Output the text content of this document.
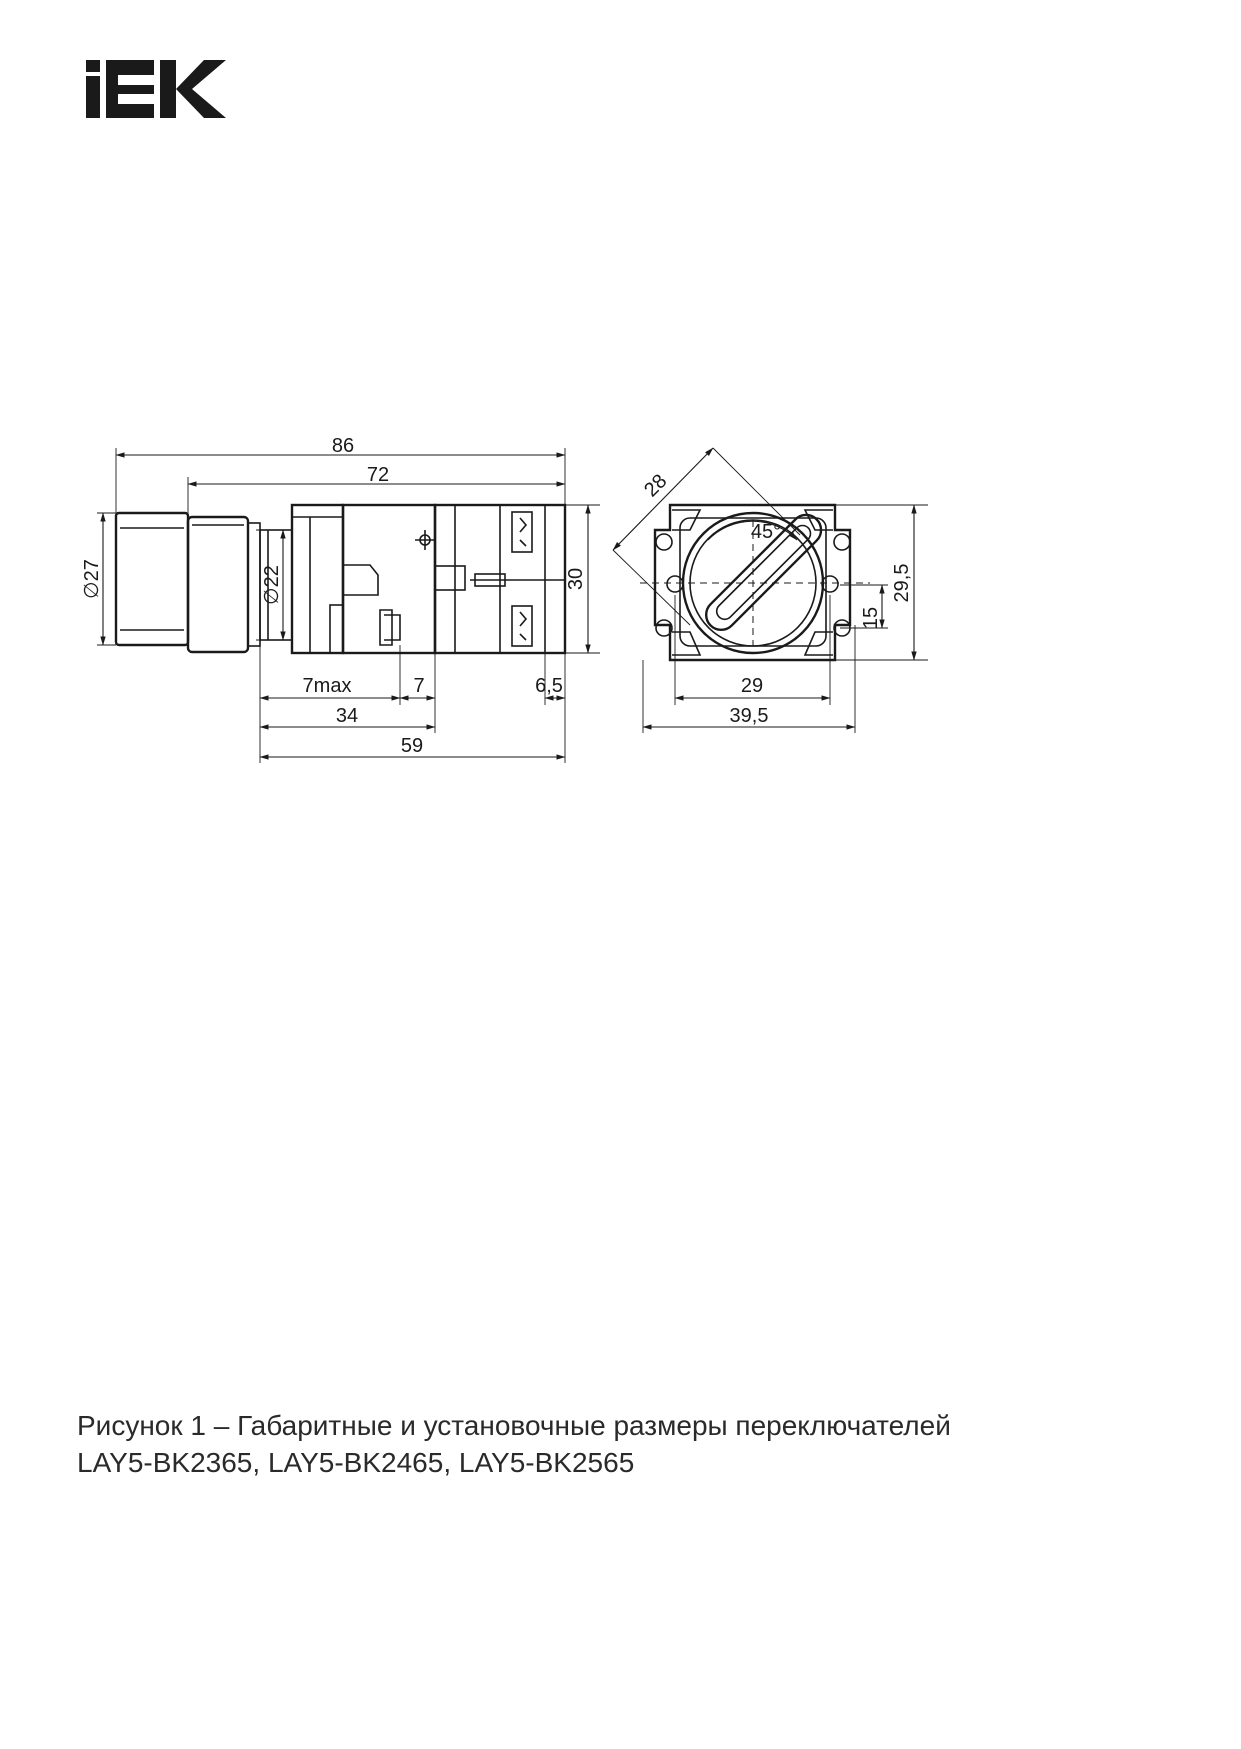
86
72
∅27	∅22	30
7max	7	6,5
34
59
28
45°
29
39,5
15
29,5
Рисунок 1 – Габаритные и установочные размеры переключателей
LAY5-BK2365, LAY5-BK2465, LAY5-BK2565
